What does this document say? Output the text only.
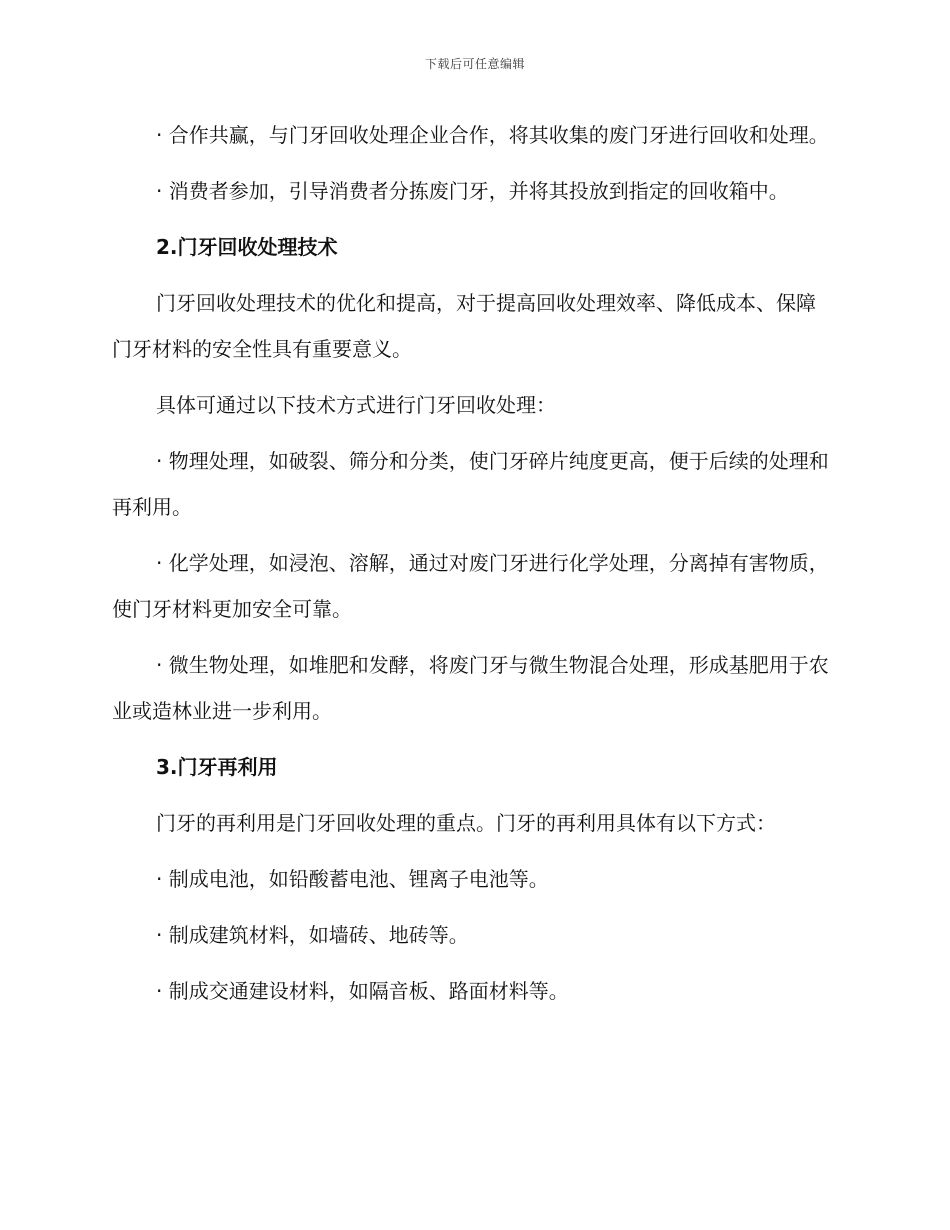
下载后可任意编辑

· 合作共赢，与门牙回收处理企业合作，将其收集的废门牙进行回收和处理。

· 消费者参加，引导消费者分拣废门牙，并将其投放到指定的回收箱中。

2.门牙回收处理技术

门牙回收处理技术的优化和提高，对于提高回收处理效率、降低成本、保障门牙材料的安全性具有重要意义。

具体可通过以下技术方式进行门牙回收处理：

· 物理处理，如破裂、筛分和分类，使门牙碎片纯度更高，便于后续的处理和再利用。

· 化学处理，如浸泡、溶解，通过对废门牙进行化学处理，分离掉有害物质，使门牙材料更加安全可靠。

· 微生物处理，如堆肥和发酵，将废门牙与微生物混合处理，形成基肥用于农业或造林业进一步利用。

3.门牙再利用

门牙的再利用是门牙回收处理的重点。门牙的再利用具体有以下方式：

· 制成电池，如铅酸蓄电池、锂离子电池等。

· 制成建筑材料，如墙砖、地砖等。

· 制成交通建设材料，如隔音板、路面材料等。
